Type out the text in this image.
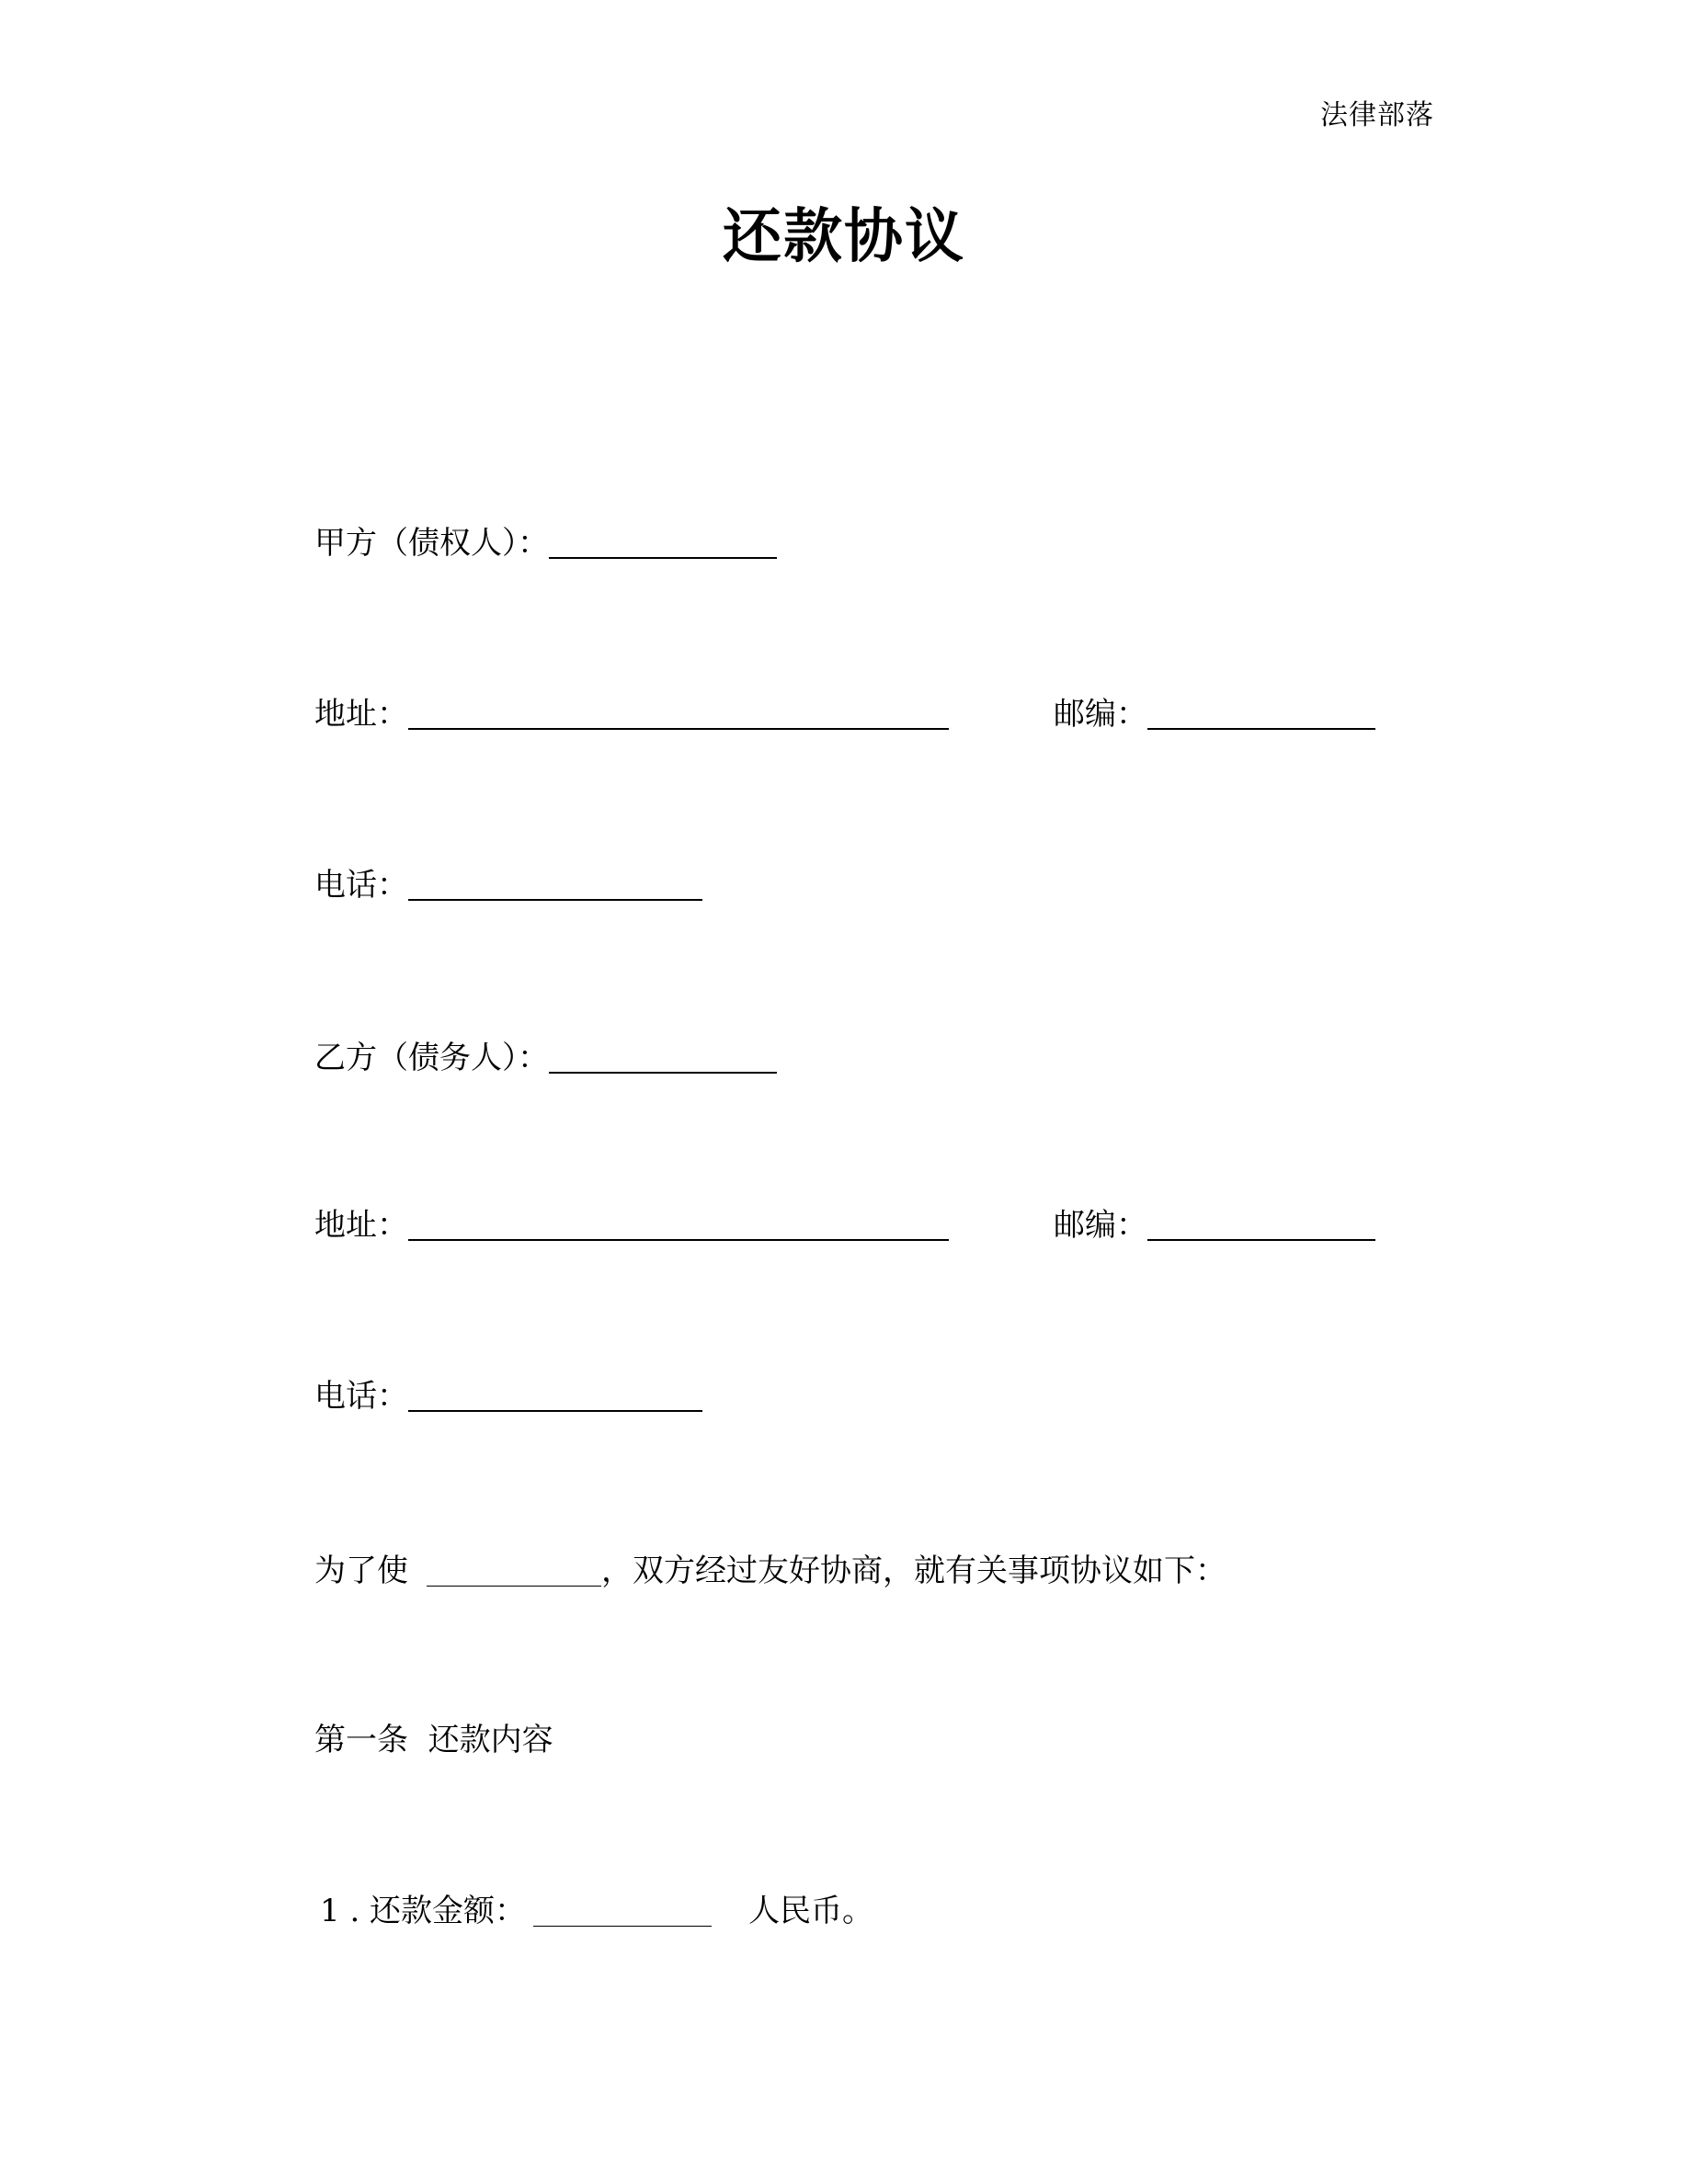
法律部落
还款协议
甲方（债权人）：
地址：	邮编：
电话：
乙方（债务人）：
地址：	邮编：
电话：
为了使	，双方经过友好协商，就有关事项协议如下：
第一条  还款内容
1 . 还款金额：	人民币。
